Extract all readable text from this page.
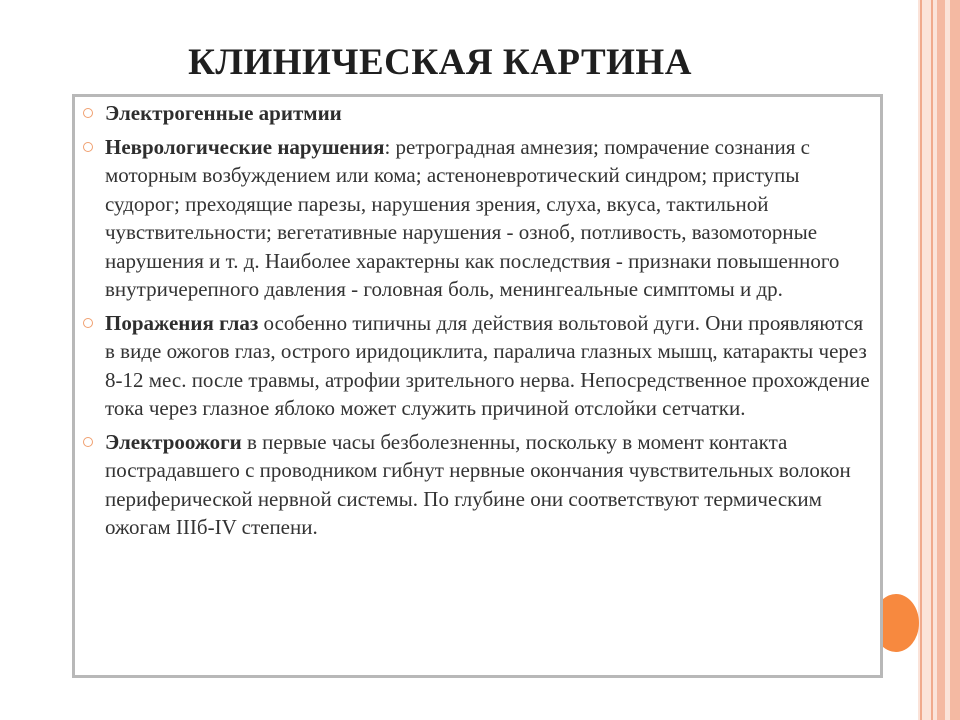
КЛИНИЧЕСКАЯ КАРТИНА
Электрогенные аритмии
Неврологические нарушения: ретроградная амнезия; помрачение сознания с моторным возбуждением или кома; астеноневротический синдром; приступы судорог; преходящие парезы, нарушения зрения, слуха, вкуса, тактильной чувствительности; вегетативные нарушения - озноб, потливость, вазомоторные нарушения и т. д. Наиболее характерны как последствия - признаки повышенного внутричерепного давления - головная боль, менингеальные симптомы и др.
Поражения глаз особенно типичны для действия вольтовой дуги. Они проявляются в виде ожогов глаз, острого иридоциклита, паралича глазных мышц, катаракты через 8-12 мес. после травмы, атрофии зрительного нерва. Непосредственное прохождение тока через глазное яблоко может служить причиной отслойки сетчатки.
Электроожоги в первые часы безболезненны, поскольку в момент контакта пострадавшего с проводником гибнут нервные окончания чувствительных волокон периферической нервной системы. По глубине они соответствуют термическим ожогам IIIб-IV степени.
